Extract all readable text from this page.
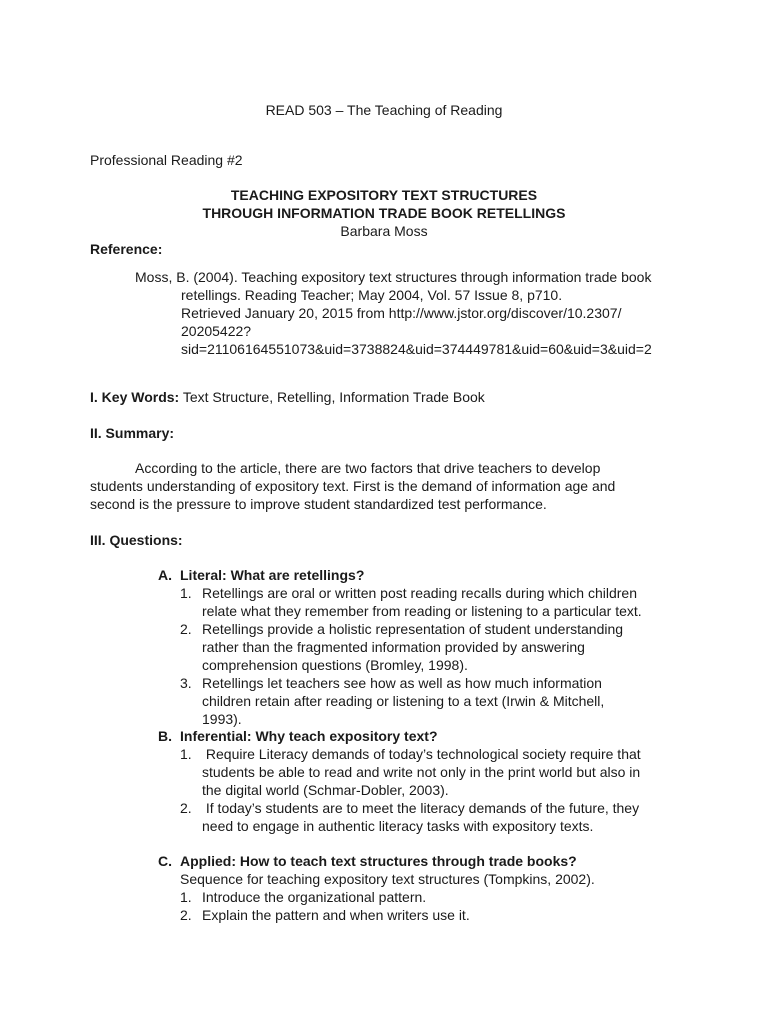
READ 503 – The Teaching of Reading
Professional Reading #2
TEACHING EXPOSITORY TEXT STRUCTURES
THROUGH INFORMATION TRADE BOOK RETELLINGS
Barbara Moss
Reference:
Moss, B. (2004). Teaching expository text structures through information trade book
retellings. Reading Teacher; May 2004, Vol. 57 Issue 8, p710.
Retrieved January 20, 2015 from http://www.jstor.org/discover/10.2307/
20205422?
sid=21106164551073&uid=3738824&uid=374449781&uid=60&uid=3&uid=2
I. Key Words: Text Structure, Retelling, Information Trade Book
II. Summary:
According to the article, there are two factors that drive teachers to develop
students understanding of expository text. First is the demand of information age and
second is the pressure to improve student standardized test performance.
III. Questions:
A. Literal: What are retellings?
1. Retellings are oral or written post reading recalls during which children
relate what they remember from reading or listening to a particular text.
2. Retellings provide a holistic representation of student understanding
rather than the fragmented information provided by answering
comprehension questions (Bromley, 1998).
3. Retellings let teachers see how as well as how much information
children retain after reading or listening to a text (Irwin & Mitchell,
1993).
B. Inferential: Why teach expository text?
1. Require Literacy demands of today’s technological society require that
students be able to read and write not only in the print world but also in
the digital world (Schmar-Dobler, 2003).
2. If today’s students are to meet the literacy demands of the future, they
need to engage in authentic literacy tasks with expository texts.
C. Applied: How to teach text structures through trade books?
Sequence for teaching expository text structures (Tompkins, 2002).
1. Introduce the organizational pattern.
2. Explain the pattern and when writers use it.
